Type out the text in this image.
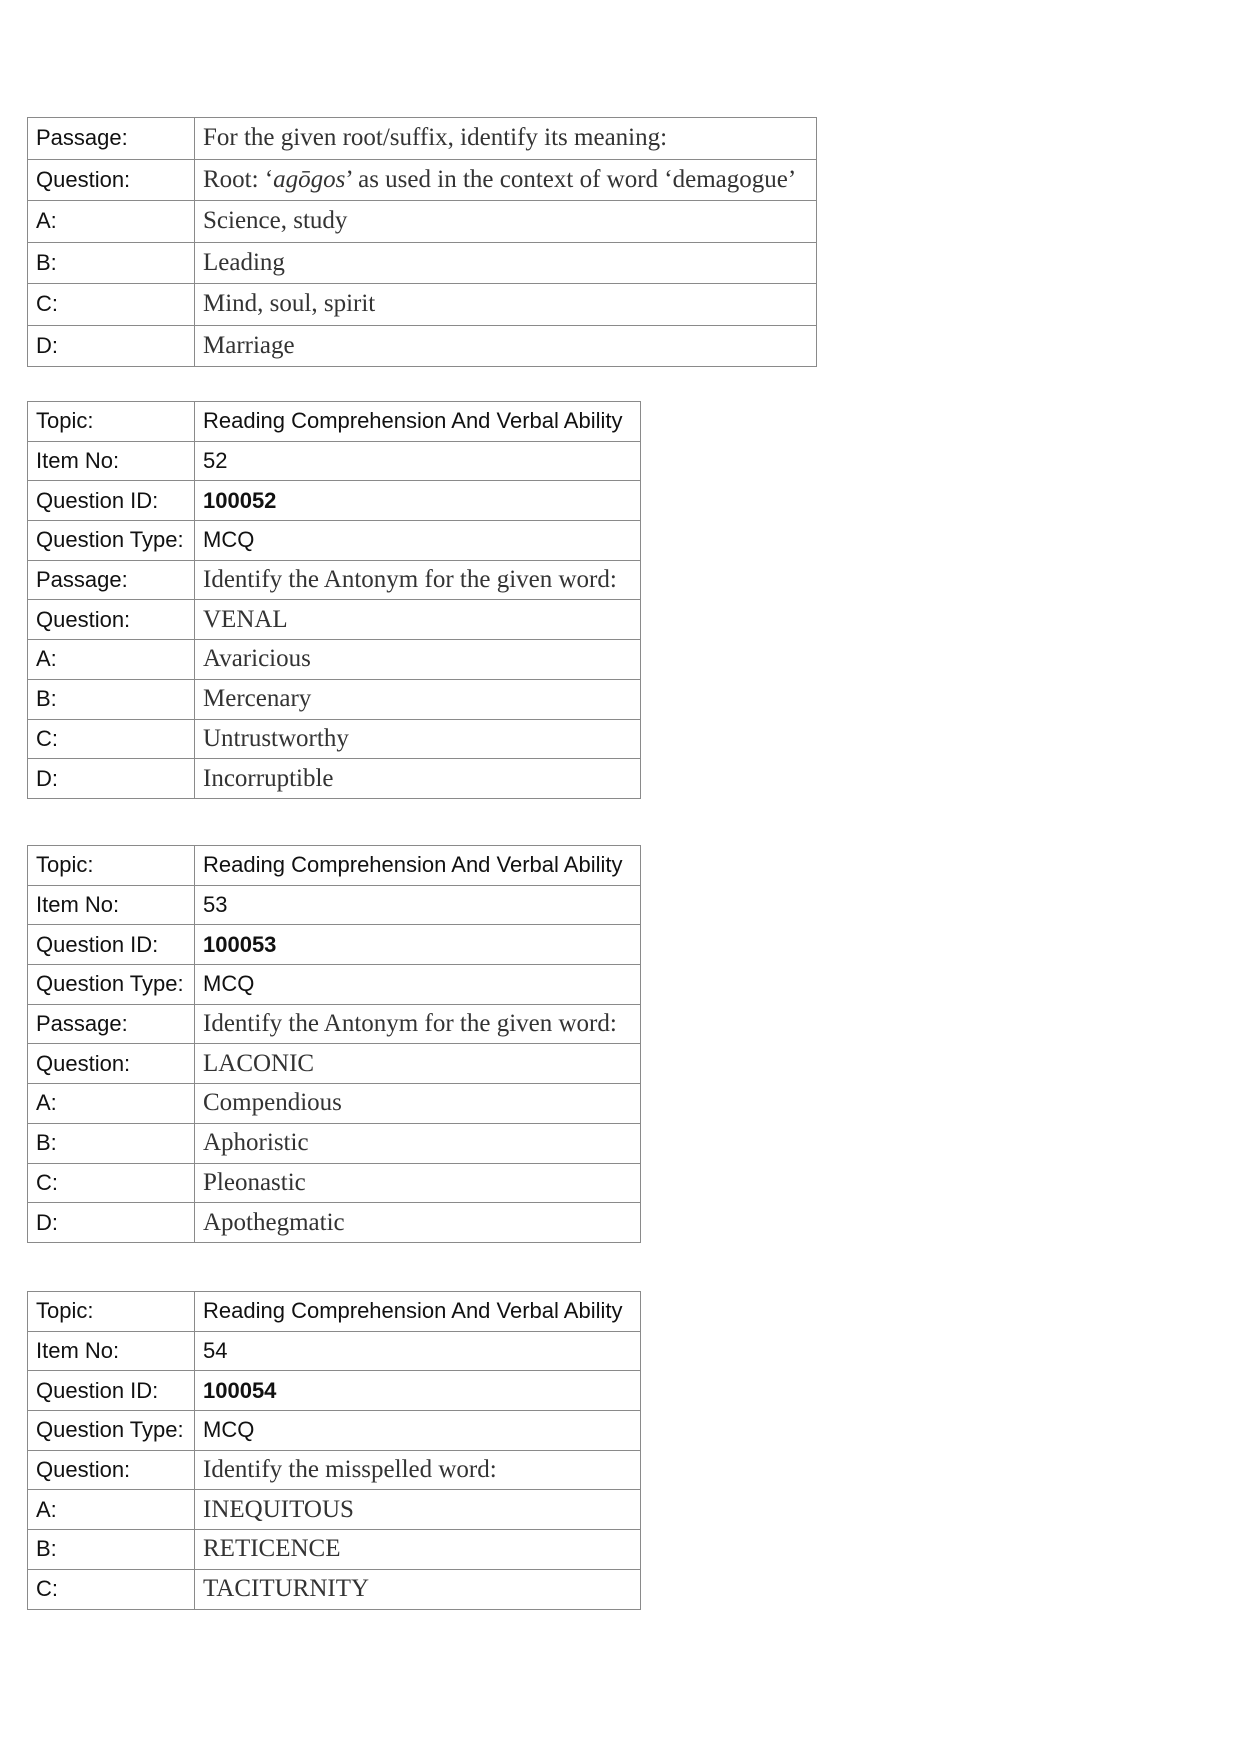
Passage:	For the given root/suffix, identify its meaning:
Question:	Root: ‘agōgos’ as used in the context of word ‘demagogue’
A:	Science, study
B:	Leading
C:	Mind, soul, spirit
D:	Marriage
Topic:	Reading Comprehension And Verbal Ability
Item No:	52
Question ID:	100052
Question Type:	MCQ
Passage:	Identify the Antonym for the given word:
Question:	VENAL
A:	Avaricious
B:	Mercenary
C:	Untrustworthy
D:	Incorruptible
Topic:	Reading Comprehension And Verbal Ability
Item No:	53
Question ID:	100053
Question Type:	MCQ
Passage:	Identify the Antonym for the given word:
Question:	LACONIC
A:	Compendious
B:	Aphoristic
C:	Pleonastic
D:	Apothegmatic
Topic:	Reading Comprehension And Verbal Ability
Item No:	54
Question ID:	100054
Question Type:	MCQ
Question:	Identify the misspelled word:
A:	INEQUITOUS
B:	RETICENCE
C:	TACITURNITY
